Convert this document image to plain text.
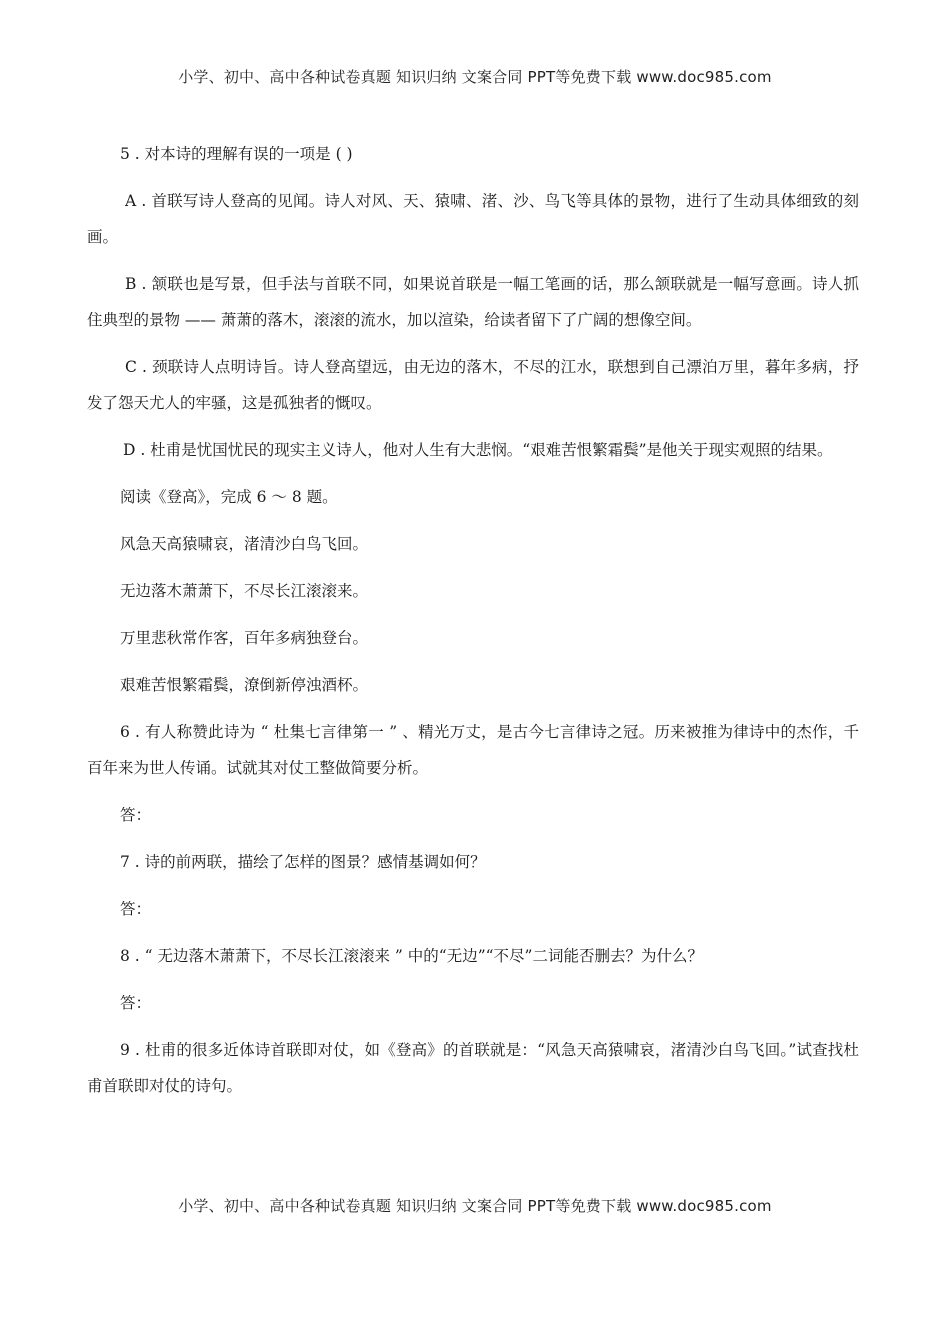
小学、初中、高中各种试卷真题 知识归纳 文案合同 PPT等免费下载 www.doc985.com

5 . 对本诗的理解有误的一项是 ( )

A . 首联写诗人登高的见闻。诗人对风、天、猿啸、渚、沙、鸟飞等具体的景物，进行了生动具体细致的刻画。

B . 颔联也是写景，但手法与首联不同，如果说首联是一幅工笔画的话，那么颔联就是一幅写意画。诗人抓住典型的景物 —— 萧萧的落木，滚滚的流水，加以渲染，给读者留下了广阔的想像空间。

C . 颈联诗人点明诗旨。诗人登高望远，由无边的落木，不尽的江水，联想到自己漂泊万里，暮年多病，抒发了怨天尤人的牢骚，这是孤独者的慨叹。

D . 杜甫是忧国忧民的现实主义诗人，他对人生有大悲悯。“艰难苦恨繁霜鬓”是他关于现实观照的结果。

阅读《登高》，完成 6 ～ 8 题。

风急天高猿啸哀，渚清沙白鸟飞回。

无边落木萧萧下，不尽长江滚滚来。

万里悲秋常作客，百年多病独登台。

艰难苦恨繁霜鬓，潦倒新停浊酒杯。

6 . 有人称赞此诗为 “ 杜集七言律第一 ” 、精光万丈，是古今七言律诗之冠。历来被推为律诗中的杰作，千百年来为世人传诵。试就其对仗工整做简要分析。

答：

7 . 诗的前两联，描绘了怎样的图景？感情基调如何？

答：

8 . “ 无边落木萧萧下，不尽长江滚滚来 ” 中的“无边”“不尽”二词能否删去？为什么？

答：

9 . 杜甫的很多近体诗首联即对仗，如《登高》的首联就是：“风急天高猿啸哀，渚清沙白鸟飞回。”试查找杜甫首联即对仗的诗句。

小学、初中、高中各种试卷真题 知识归纳 文案合同 PPT等免费下载 www.doc985.com
